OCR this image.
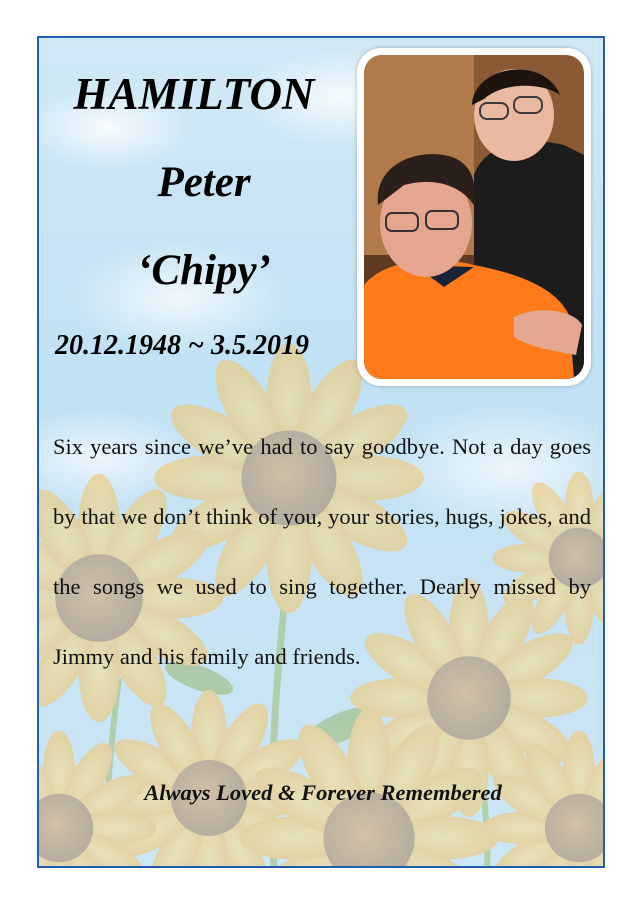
HAMILTON
Peter
‘Chipy’
20.12.1948 ~ 3.5.2019
Six years since we’ve had to say goodbye. Not a day goes by that we don’t think of you, your stories, hugs, jokes, and the songs we used to sing together. Dearly missed by Jimmy and his family and friends.
Always Loved & Forever Remembered
